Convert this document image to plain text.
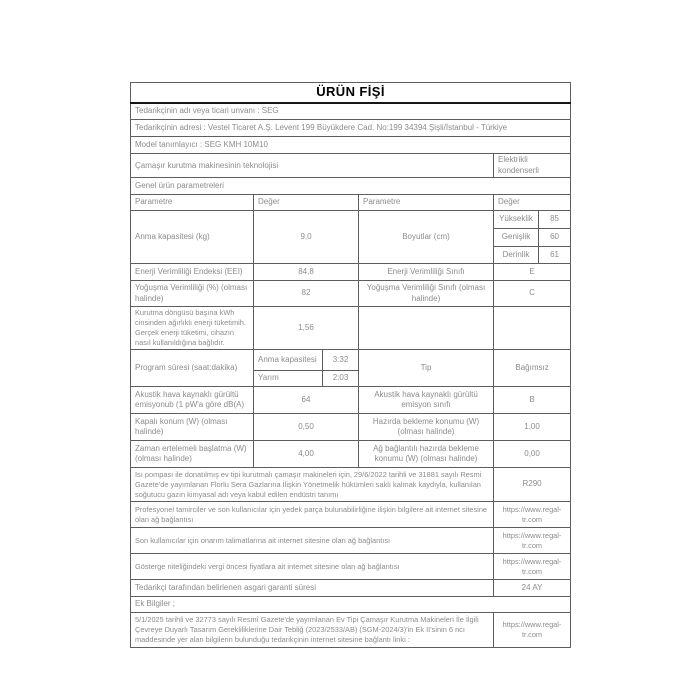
ÜRÜN FİŞİ					
Tedarikçinin adı veya ticari unvanı : SEG					
Tedarikçinin adresi : Vestel Ticaret A.Ş. Levent 199 Büyükdere Cad. No:199 34394 Şişli/İstanbul - Türkiye					
Model tanımlayıcı : SEG KMH 10M10					
Çamaşır kurutma makinesinin teknolojisi				Elektrikli kondenserli	
Genel ürün parametreleri					
Parametre	Değer		Parametre	Değer	
Anma kapasitesi (kg)	9,0		Boyutlar (cm)	Yükseklik	85
				Genişlik	60
				Derinlik	61
Enerji Verimliliği Endeksi (EEI)	84,8		Enerji Verimliliği Sınıfı	E	
Yoğuşma Verimliliği (%) (olması halinde)	82		Yoğuşma Verimliliği Sınıfı (olması halinde)	C	
Kurutma döngüsü başına kWh cinsinden ağırlıklı enerji tüketimih. Gerçek enerji tüketimi, cihazın nasıl kullanıldığına bağlıdır.	1,56				
Program süresi (saat:dakika)	Anma kapasitesi	3:32	Tip	Bağımsız	
	Yarım	2:03			
Akustik hava kaynaklı gürültü emisyonub (1 pW'a göre dB(A)	64		Akustik hava kaynaklı gürültü emisyon sınıfı	B	
Kapalı konum (W) (olması halinde)	0,50		Hazırda bekleme konumu (W) (olması halinde)	1,00	
Zaman ertelemeli başlatma (W) (olması halinde)	4,00		Ağ bağlantılı hazırda bekleme konumu (W) (olması halinde)	0,00	
Isı pompası ile donatılmış ev tipi kurutmalı çamaşır makineleri için, 29/6/2022 tarihli ve 31881 sayılı Resmi Gazete'de yayımlanan Florlu Sera Gazlarına İlişkin Yönetmelik hükümleri saklı kalmak kaydıyla, kullanılan soğutucu gazın kimyasal adı veya kabul edilen endüstri tanımı				R290	
Profesyonel tamirciler ve son kullanıcılar için yedek parça bulunabilirliğine ilişkin bilgilere ait internet sitesine olan ağ bağlantısı				https://www.regal-tr.com	
Son kullanıcılar için onarım talimatlarına ait internet sitesine olan ağ bağlantısı				https://www.regal-tr.com	
Gösterge niteliğindeki vergi öncesi fiyatlara ait internet sitesine olan ağ bağlantısı				https://www.regal-tr.com	
Tedarikçi tarafından belirlenen asgari garanti süresi				24 AY	
Ek Bilgiler ;					
5/1/2025 tarihli ve 32773 sayılı Resmî Gazete'de yayımlanan Ev Tipi Çamaşır Kurutma Makineleri İle İlgili Çevreye Duyarlı Tasarım Gerekliliklerine Dair Tebliğ (2023/2533/AB) (SGM-2024/3)'in Ek II'sinin 6 ncı maddesinde yer alan bilgilerin bulunduğu tedarikçinin internet sitesine bağlantı linki :				https://www.regal-tr.com	
